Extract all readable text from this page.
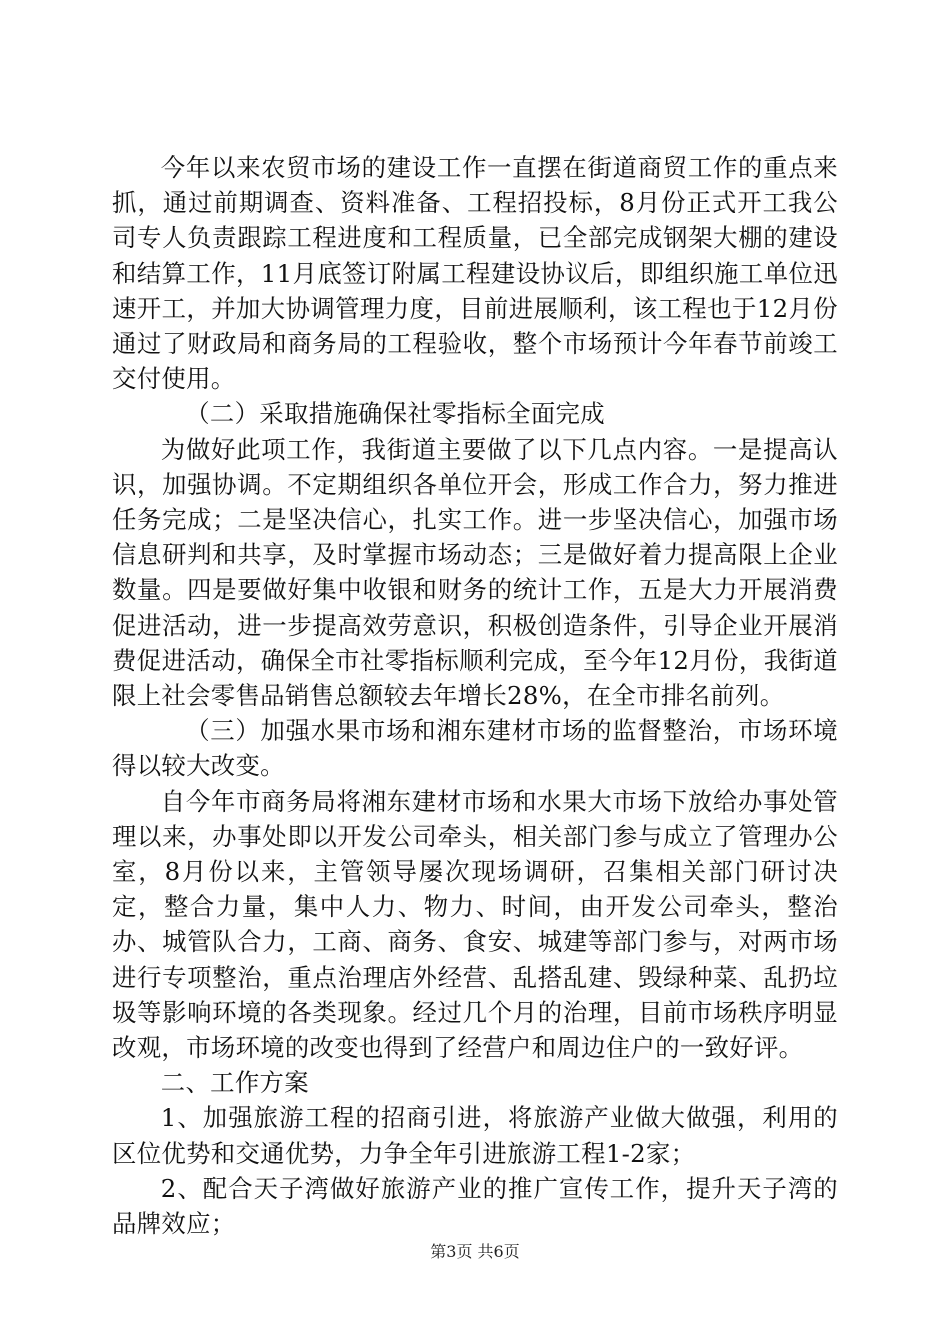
今年以来农贸市场的建设工作一直摆在街道商贸工作的重点来抓，通过前期调查、资料准备、工程招投标，8月份正式开工我公司专人负责跟踪工程进度和工程质量，已全部完成钢架大棚的建设和结算工作，11月底签订附属工程建设协议后，即组织施工单位迅速开工，并加大协调管理力度，目前进展顺利，该工程也于12月份通过了财政局和商务局的工程验收，整个市场预计今年春节前竣工交付使用。

（二）采取措施确保社零指标全面完成

为做好此项工作，我街道主要做了以下几点内容。一是提高认识，加强协调。不定期组织各单位开会，形成工作合力，努力推进任务完成；二是坚决信心，扎实工作。进一步坚决信心，加强市场信息研判和共享，及时掌握市场动态；三是做好着力提高限上企业数量。四是要做好集中收银和财务的统计工作，五是大力开展消费促进活动，进一步提高效劳意识，积极创造条件，引导企业开展消费促进活动，确保全市社零指标顺利完成，至今年12月份，我街道限上社会零售品销售总额较去年增长28%，在全市排名前列。

（三）加强水果市场和湘东建材市场的监督整治，市场环境得以较大改变。

自今年市商务局将湘东建材市场和水果大市场下放给办事处管理以来，办事处即以开发公司牵头，相关部门参与成立了管理办公室，8月份以来，主管领导屡次现场调研，召集相关部门研讨决定，整合力量，集中人力、物力、时间，由开发公司牵头，整治办、城管队合力，工商、商务、食安、城建等部门参与，对两市场进行专项整治，重点治理店外经营、乱搭乱建、毁绿种菜、乱扔垃圾等影响环境的各类现象。经过几个月的治理，目前市场秩序明显改观，市场环境的改变也得到了经营户和周边住户的一致好评。

二、工作方案

1、加强旅游工程的招商引进，将旅游产业做大做强，利用的区位优势和交通优势，力争全年引进旅游工程1-2家；

2、配合天子湾做好旅游产业的推广宣传工作，提升天子湾的品牌效应；

第3页 共6页
